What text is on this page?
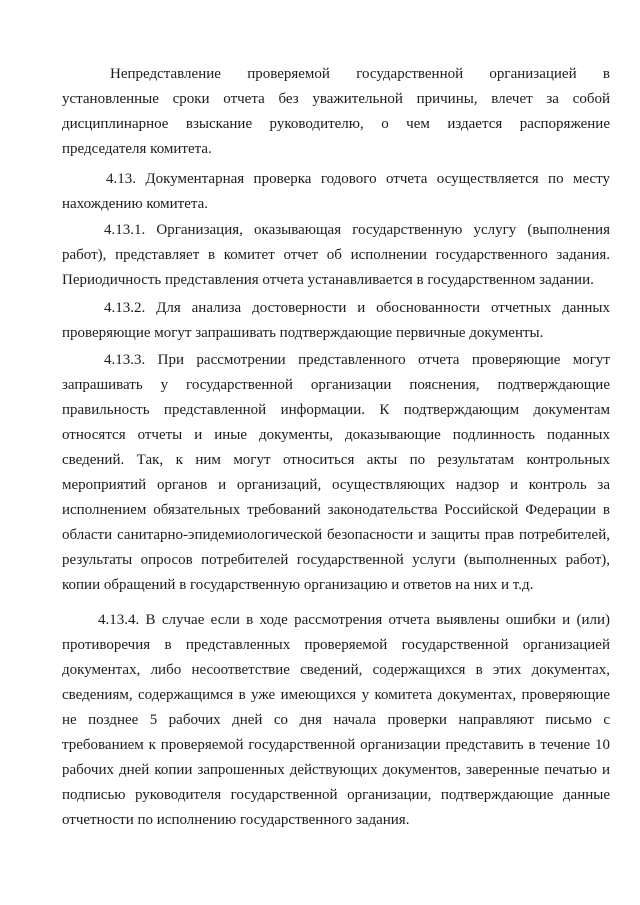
Непредставление проверяемой государственной организацией в
установленные сроки отчета без уважительной причины, влечет за собой
дисциплинарное взыскание руководителю, о чем издается распоряжение
председателя комитета.
4.13. Документарная проверка годового отчета осуществляется по месту
нахождению комитета.
4.13.1. Организация, оказывающая государственную услугу (выполнения
работ), представляет в комитет отчет об исполнении государственного задания.
Периодичность представления отчета устанавливается в государственном задании.
4.13.2. Для анализа достоверности и обоснованности отчетных данных
проверяющие могут запрашивать подтверждающие первичные документы.
4.13.3. При рассмотрении представленного отчета проверяющие могут
запрашивать у государственной организации пояснения, подтверждающие
правильность представленной информации. К подтверждающим документам
относятся отчеты и иные документы, доказывающие подлинность поданных
сведений. Так, к ним могут относиться акты по результатам контрольных
мероприятий органов и организаций, осуществляющих надзор и контроль за
исполнением обязательных требований законодательства Российской Федерации в
области санитарно-эпидемиологической безопасности и защиты прав потребителей,
результаты опросов потребителей государственной услуги (выполненных работ),
копии обращений в государственную организацию и ответов на них и т.д.
4.13.4. В случае если в ходе рассмотрения отчета выявлены ошибки и (или)
противоречия в представленных проверяемой государственной организацией
документах, либо несоответствие сведений, содержащихся в этих документах,
сведениям, содержащимся в уже имеющихся у комитета документах, проверяющие
не позднее 5 рабочих дней со дня начала проверки направляют письмо с
требованием к проверяемой государственной организации представить в течение 10
рабочих дней копии запрошенных действующих документов, заверенные печатью и
подписью руководителя государственной организации, подтверждающие данные
отчетности по исполнению государственного задания.
